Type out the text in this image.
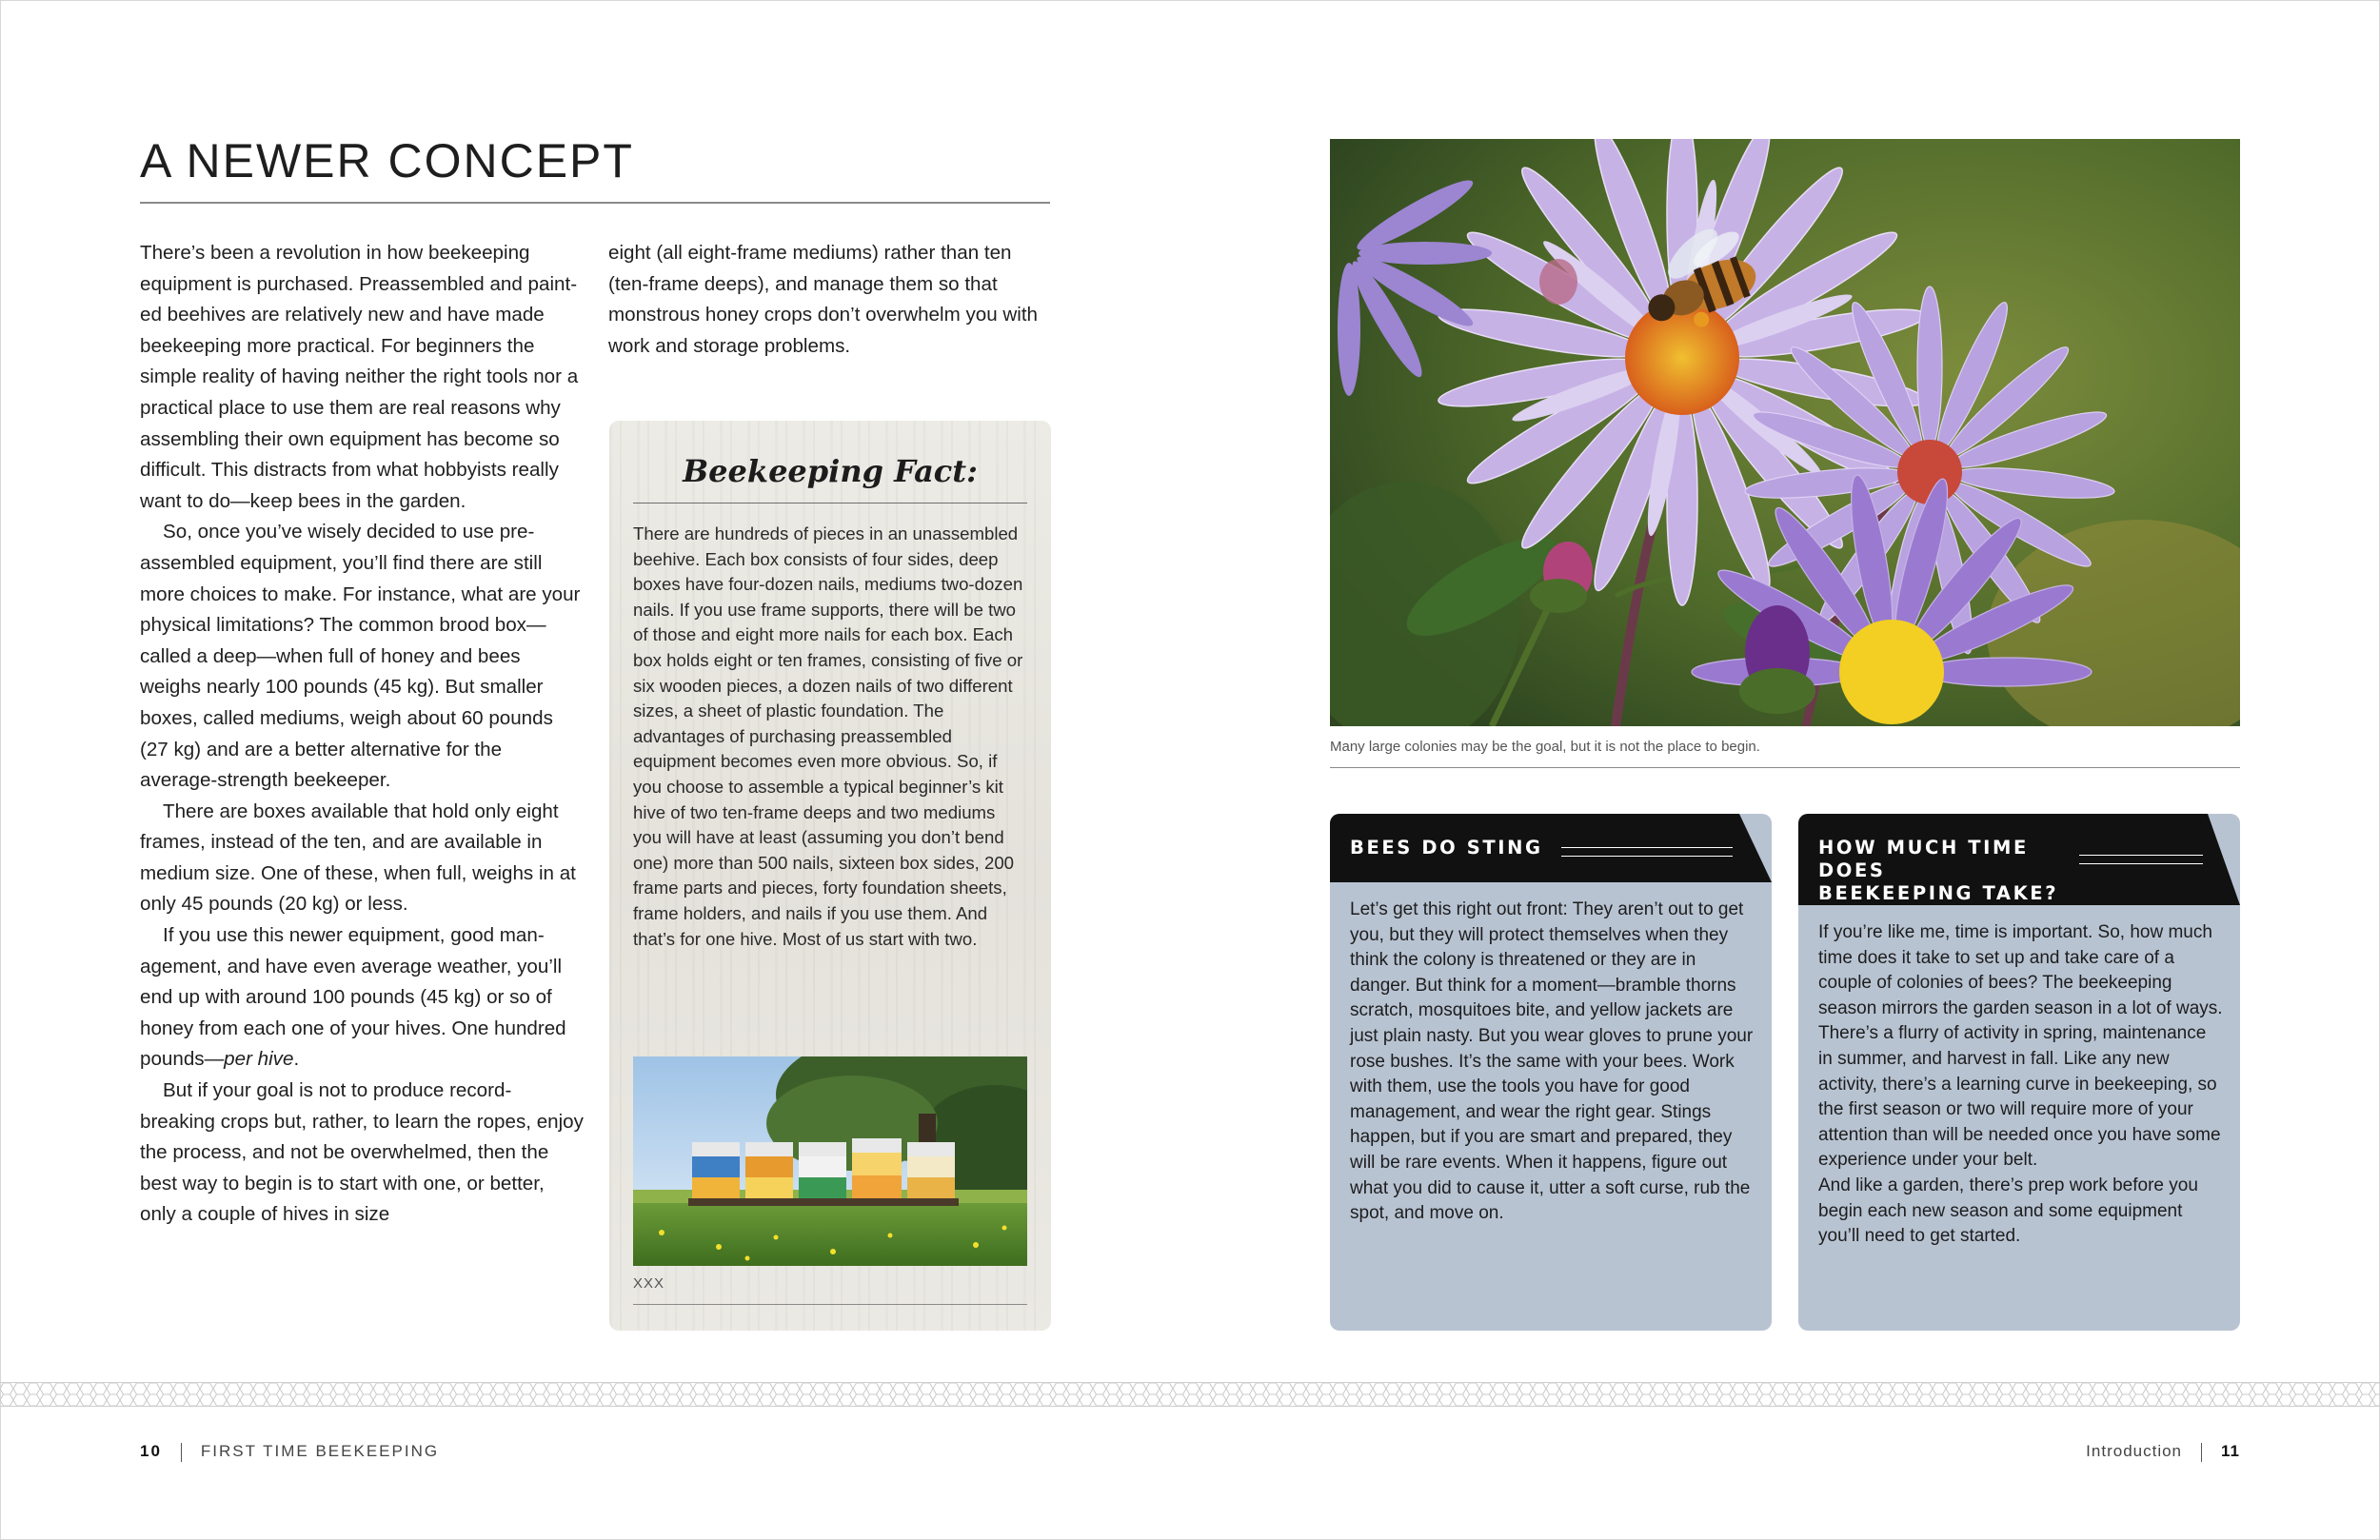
A NEWER CONCEPT

There’s been a revolution in how beekeeping equipment is purchased. Preassembled and painted beehives are relatively new and have made beekeeping more practical. For beginners the simple reality of having neither the right tools nor a practical place to use them are real reasons why assembling their own equipment has become so difficult. This distracts from what hobbyists really want to do—keep bees in the garden.

So, once you’ve wisely decided to use preassembled equipment, you’ll find there are still more choices to make. For instance, what are your physical limitations? The common brood box—called a deep—when full of honey and bees weighs nearly 100 pounds (45 kg). But smaller boxes, called mediums, weigh about 60 pounds (27 kg) and are a better alternative for the average-strength beekeeper.

There are boxes available that hold only eight frames, instead of the ten, and are available in medium size. One of these, when full, weighs in at only 45 pounds (20 kg) or less.

If you use this newer equipment, good management, and have even average weather, you’ll end up with around 100 pounds (45 kg) or so of honey from each one of your hives. One hundred pounds—per hive.

But if your goal is not to produce record-breaking crops but, rather, to learn the ropes, enjoy the process, and not be overwhelmed, then the best way to begin is to start with one, or better, only a couple of hives in size

eight (all eight-frame mediums) rather than ten (ten-frame deeps), and manage them so that monstrous honey crops don’t overwhelm you with work and storage problems.

Beekeeping Fact:

There are hundreds of pieces in an unassembled beehive. Each box consists of four sides, deep boxes have four-dozen nails, mediums two-dozen nails. If you use frame supports, there will be two of those and eight more nails for each box. Each box holds eight or ten frames, consisting of five or six wooden pieces, a dozen nails of two different sizes, a sheet of plastic foundation. The advantages of purchasing preassembled equipment becomes even more obvious. So, if you choose to assemble a typical beginner’s kit hive of two ten-frame deeps and two mediums you will have at least (assuming you don’t bend one) more than 500 nails, sixteen box sides, 200 frame parts and pieces, forty foundation sheets, frame holders, and nails if you use them. And that’s for one hive. Most of us start with two.

XXX
Many large colonies may be the goal, but it is not the place to begin.
BEES DO STING

Let’s get this right out front: They aren’t out to get you, but they will protect themselves when they think the colony is threatened or they are in danger. But think for a moment—bramble thorns scratch, mosquitoes bite, and yellow jackets are just plain nasty. But you wear gloves to prune your rose bushes. It’s the same with your bees. Work with them, use the tools you have for good management, and wear the right gear. Stings happen, but if you are smart and prepared, they will be rare events. When it happens, figure out what you did to cause it, utter a soft curse, rub the spot, and move on.

HOW MUCH TIME DOES
BEEKEEPING TAKE?

If you’re like me, time is important. So, how much time does it take to set up and take care of a couple of colonies of bees? The beekeeping season mirrors the garden season in a lot of ways. There’s a flurry of activity in spring, maintenance in summer, and harvest in fall. Like any new activity, there’s a learning curve in beekeeping, so the first season or two will require more of your attention than will be needed once you have some experience under your belt.
And like a garden, there’s prep work before you begin each new season and some equipment you’ll need to get started.

10 FIRST TIME BEEKEEPING	Introduction 11
